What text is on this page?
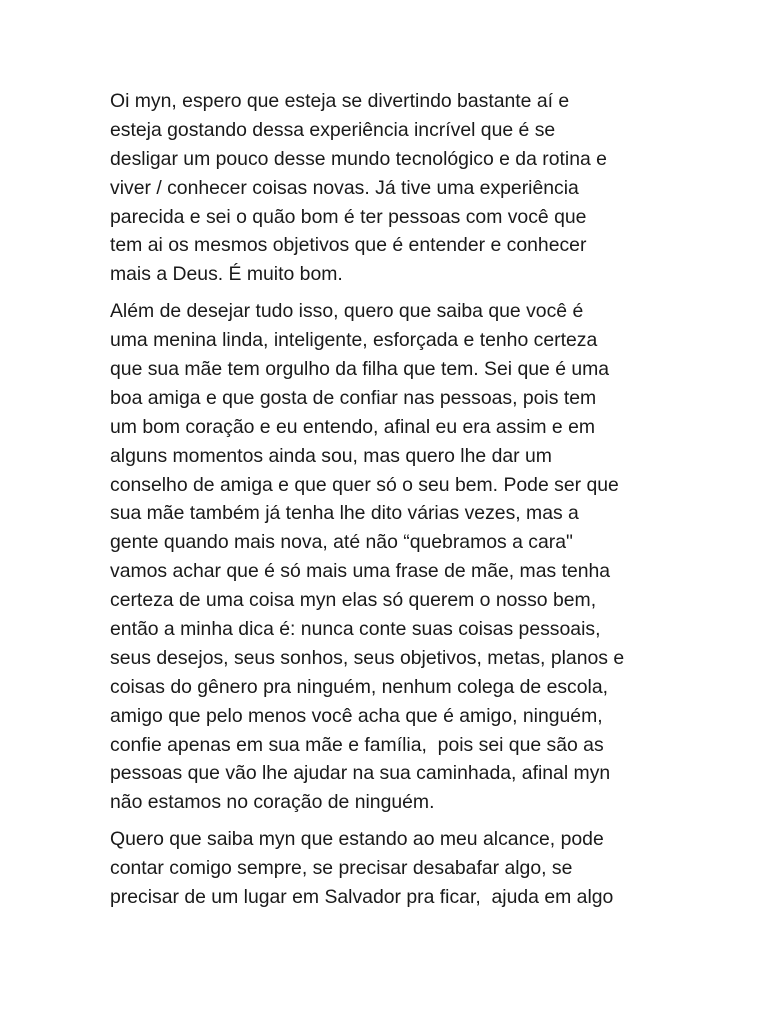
Oi myn, espero que esteja se divertindo bastante aí e
esteja gostando dessa experiência incrível que é se
desligar um pouco desse mundo tecnológico e da rotina e
viver / conhecer coisas novas. Já tive uma experiência
parecida e sei o quão bom é ter pessoas com você que
tem ai os mesmos objetivos que é entender e conhecer
mais a Deus. É muito bom.
Além de desejar tudo isso, quero que saiba que você é
uma menina linda, inteligente, esforçada e tenho certeza
que sua mãe tem orgulho da filha que tem. Sei que é uma
boa amiga e que gosta de confiar nas pessoas, pois tem
um bom coração e eu entendo, afinal eu era assim e em
alguns momentos ainda sou, mas quero lhe dar um
conselho de amiga e que quer só o seu bem. Pode ser que
sua mãe também já tenha lhe dito várias vezes, mas a
gente quando mais nova, até não “quebramos a cara"
vamos achar que é só mais uma frase de mãe, mas tenha
certeza de uma coisa myn elas só querem o nosso bem,
então a minha dica é: nunca conte suas coisas pessoais,
seus desejos, seus sonhos, seus objetivos, metas, planos e
coisas do gênero pra ninguém, nenhum colega de escola,
amigo que pelo menos você acha que é amigo, ninguém,
confie apenas em sua mãe e família,  pois sei que são as
pessoas que vão lhe ajudar na sua caminhada, afinal myn
não estamos no coração de ninguém.
Quero que saiba myn que estando ao meu alcance, pode
contar comigo sempre, se precisar desabafar algo, se
precisar de um lugar em Salvador pra ficar,  ajuda em algo
